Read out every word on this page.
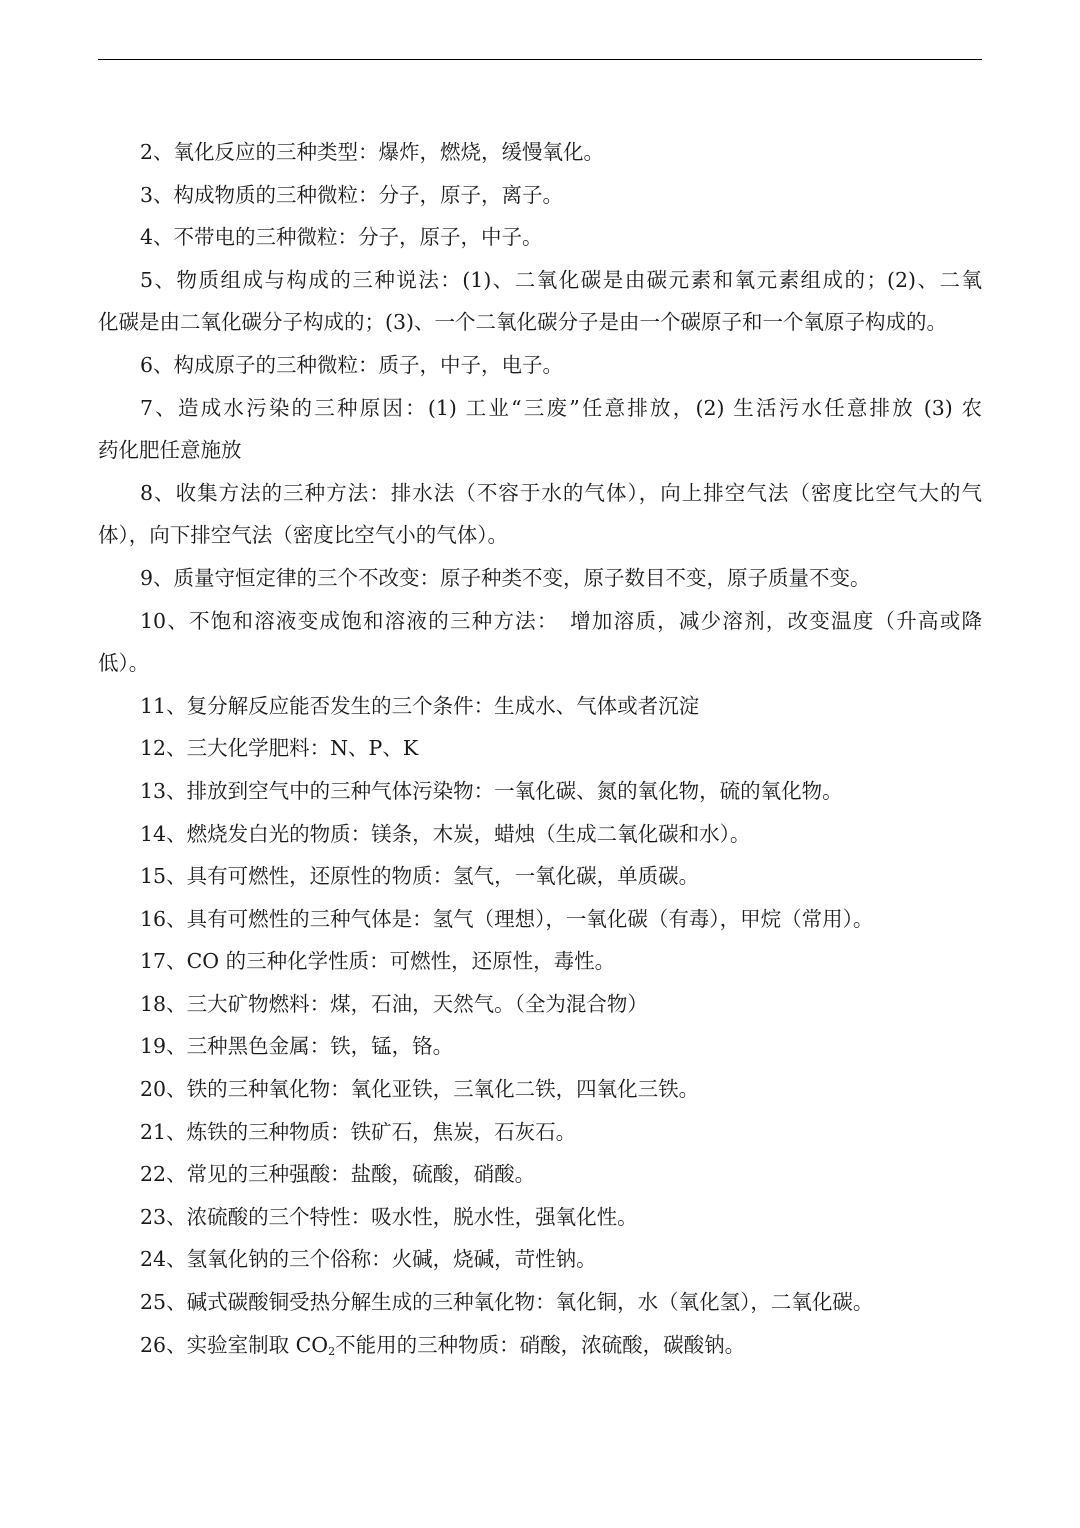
2、氧化反应的三种类型：爆炸，燃烧，缓慢氧化。
3、构成物质的三种微粒：分子，原子，离子。
4、不带电的三种微粒：分子，原子，中子。
5、物质组成与构成的三种说法：(1)、二氧化碳是由碳元素和氧元素组成的；(2)、二氧
化碳是由二氧化碳分子构成的；(3)、一个二氧化碳分子是由一个碳原子和一个氧原子构成的。
6、构成原子的三种微粒：质子，中子，电子。
7、造成水污染的三种原因：(1) 工业“三废”任意排放，(2) 生活污水任意排放 (3) 农
药化肥任意施放
8、收集方法的三种方法：排水法（不容于水的气体），向上排空气法（密度比空气大的气
体），向下排空气法（密度比空气小的气体）。
9、质量守恒定律的三个不改变：原子种类不变，原子数目不变，原子质量不变。
10、不饱和溶液变成饱和溶液的三种方法：　增加溶质，减少溶剂，改变温度（升高或降
低）。
11、复分解反应能否发生的三个条件：生成水、气体或者沉淀
12、三大化学肥料：N、P、K
13、排放到空气中的三种气体污染物：一氧化碳、氮的氧化物，硫的氧化物。
14、燃烧发白光的物质：镁条，木炭，蜡烛（生成二氧化碳和水）。
15、具有可燃性，还原性的物质：氢气，一氧化碳，单质碳。
16、具有可燃性的三种气体是：氢气（理想），一氧化碳（有毒），甲烷（常用）。
17、CO 的三种化学性质：可燃性，还原性，毒性。
18、三大矿物燃料：煤，石油，天然气。（全为混合物）
19、三种黑色金属：铁，锰，铬。
20、铁的三种氧化物：氧化亚铁，三氧化二铁，四氧化三铁。
21、炼铁的三种物质：铁矿石，焦炭，石灰石。
22、常见的三种强酸：盐酸，硫酸，硝酸。
23、浓硫酸的三个特性：吸水性，脱水性，强氧化性。
24、氢氧化钠的三个俗称：火碱，烧碱，苛性钠。
25、碱式碳酸铜受热分解生成的三种氧化物：氧化铜，水（氧化氢），二氧化碳。
26、实验室制取 $CO_2$不能用的三种物质：硝酸，浓硫酸，碳酸钠。
